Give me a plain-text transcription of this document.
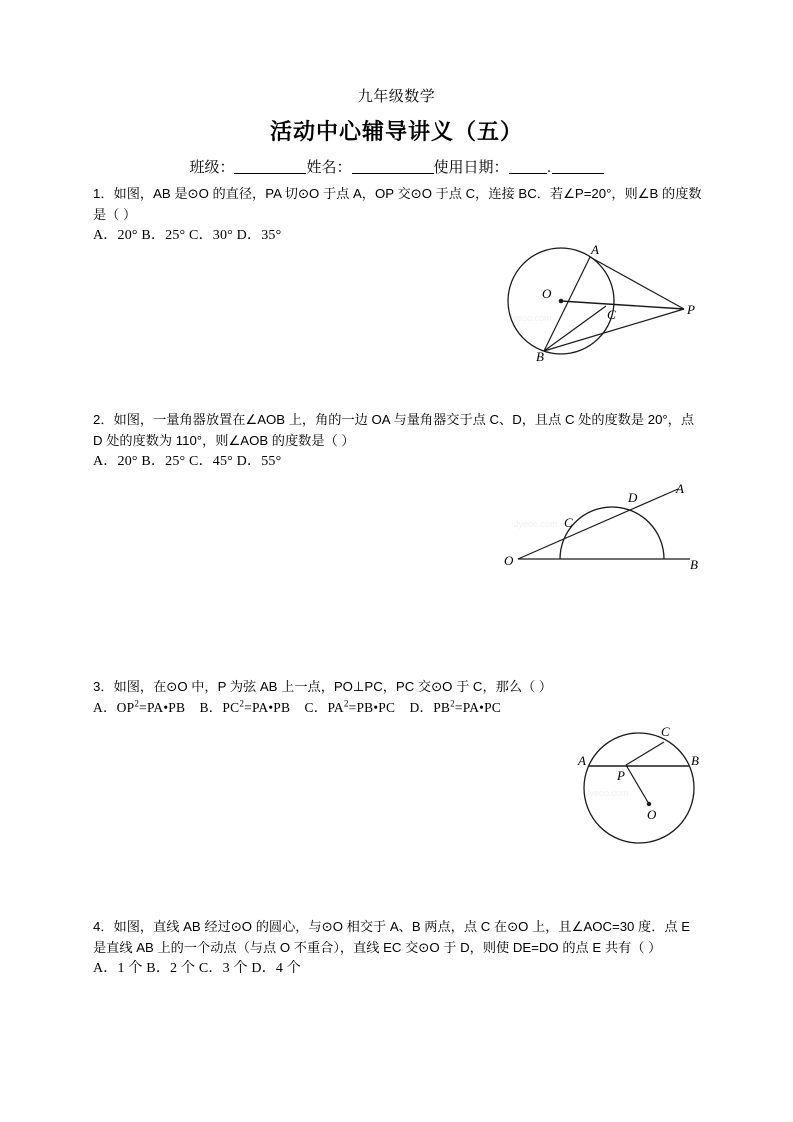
九年级数学
活动中心辅导讲义（五）
班级：	姓名：	使用日期：	.
1．如图，AB 是⊙O 的直径，PA 切⊙O 于点 A，OP 交⊙O 于点 C，连接 BC．若∠P=20°，则∠B 的度数是（ ）
A．20° B．25° C．30° D．35°
Jyeoo.com
A
B
C
O
P
2．如图，一量角器放置在∠AOB 上，角的一边 OA 与量角器交于点 C、D，且点 C 处的度数是 20°，点 D 处的度数为 110°，则∠AOB 的度数是（ ）
A．20° B．25° C．45° D．55°
Jyeoo.com
O	B
A
C
D
3．如图，在⊙O 中，P 为弦 AB 上一点，PO⊥PC，PC 交⊙O 于 C，那么（ ）
A．$OP^2=PA•PB$ B．$PC^2=PA•PB$ C．$PA^2=PB•PC$ D．$PB^2=PA•PC$
Jyeoo.com
A	B
C
P
O
4．如图，直线 AB 经过⊙O 的圆心，与⊙O 相交于 A、B 两点，点 C 在⊙O 上，且∠AOC=30 度．点 E 是直线 AB 上的一个动点（与点 O 不重合），直线 EC 交⊙O 于 D，则使 DE=DO 的点 E 共有（ ）
A．1 个 B．2 个 C．3 个 D．4 个
